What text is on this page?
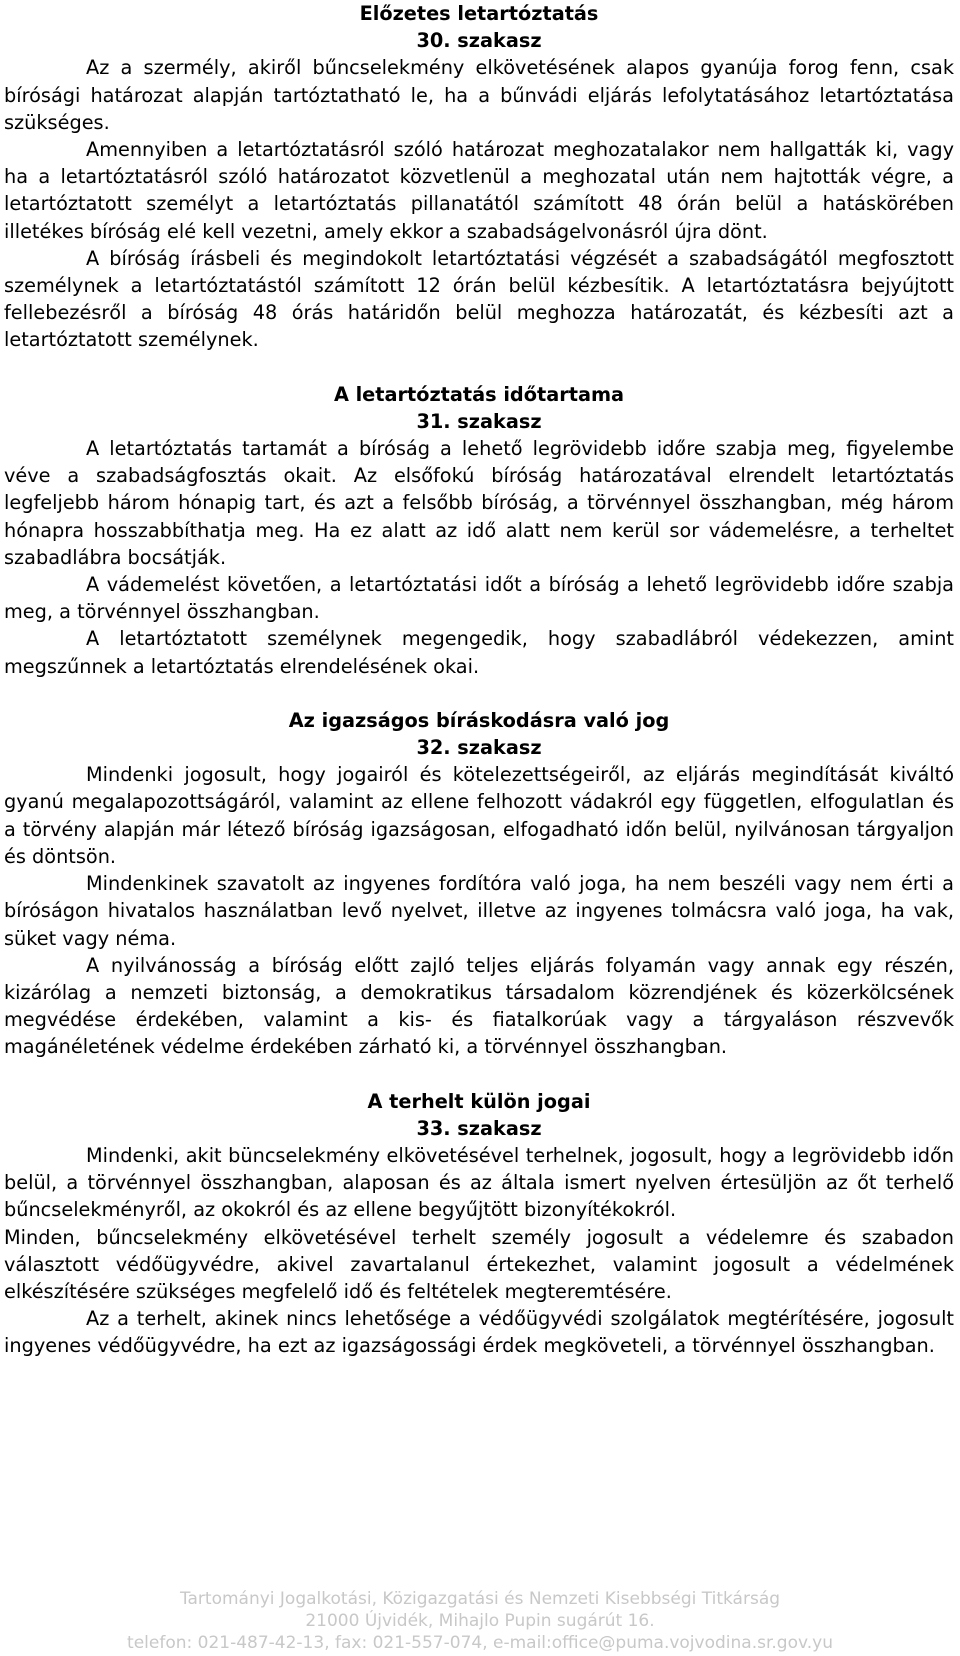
Előzetes letartóztatás
30. szakasz

Az a szermély, akiről bűncselekmény elkövetésének alapos gyanúja forog fenn, csak bírósági határozat alapján tartóztatható le, ha a bűnvádi eljárás lefolytatásához letartóztatása szükséges.

Amennyiben a letartóztatásról szóló határozat meghozatalakor nem hallgatták ki, vagy ha a letartóztatásról szóló határozatot közvetlenül a meghozatal után nem hajtották végre, a letartóztatott személyt a letartóztatás pillanatától számított 48 órán belül a hatáskörében illetékes bíróság elé kell vezetni, amely ekkor a szabadságelvonásról újra dönt.

A bíróság írásbeli és megindokolt letartóztatási végzését a szabadságától megfosztott személynek a letartóztatástól számított 12 órán belül kézbesítik. A letartóztatásra bejyújtott fellebezésről a bíróság 48 órás határidőn belül meghozza határozatát, és kézbesíti azt a letartóztatott személynek.

A letartóztatás időtartama
31. szakasz

A letartóztatás tartamát a bíróság a lehető legrövidebb időre szabja meg, figyelembe véve a szabadságfosztás okait. Az elsőfokú bíróság határozatával elrendelt letartóztatás legfeljebb három hónapig tart, és azt a felsőbb bíróság, a törvénnyel összhangban, még három hónapra hosszabbíthatja meg. Ha ez alatt az idő alatt nem kerül sor vádemelésre, a terheltet szabadlábra bocsátják.

A vádemelést követően, a letartóztatási időt a bíróság a lehető legrövidebb időre szabja meg, a törvénnyel összhangban.

A letartóztatott személynek megengedik, hogy szabadlábról védekezzen, amint megszűnnek a letartóztatás elrendelésének okai.

Az igazságos bíráskodásra való jog
32. szakasz

Mindenki jogosult, hogy jogairól és kötelezettségeiről, az eljárás megindítását kiváltó gyanú megalapozottságáról, valamint az ellene felhozott vádakról egy független, elfogulatlan és a törvény alapján már létező bíróság igazságosan, elfogadható időn belül, nyilvánosan tárgyaljon és döntsön.

Mindenkinek szavatolt az ingyenes fordítóra való joga, ha nem beszéli vagy nem érti a bíróságon hivatalos használatban levő nyelvet, illetve az ingyenes tolmácsra való joga, ha vak, süket vagy néma.

A nyilvánosság a bíróság előtt zajló teljes eljárás folyamán vagy annak egy részén, kizárólag a nemzeti biztonság, a demokratikus társadalom közrendjének és közerkölcsének megvédése érdekében, valamint a kis- és fiatalkorúak vagy a tárgyaláson részvevők magánéletének védelme érdekében zárható ki, a törvénnyel összhangban.

A terhelt külön jogai
33. szakasz

Mindenki, akit büncselekmény elkövetésével terhelnek, jogosult, hogy a legrövidebb időn belül, a törvénnyel összhangban, alaposan és az általa ismert nyelven értesüljön az őt terhelő bűncselekményről, az okokról és az ellene begyűjtött bizonyítékokról.

Minden, bűncselekmény elkövetésével terhelt személy jogosult a védelemre és szabadon választott védőügyvédre, akivel zavartalanul értekezhet, valamint jogosult a védelmének elkészítésére szükséges megfelelő idő és feltételek megteremtésére.

Az a terhelt, akinek nincs lehetősége a védőügyvédi szolgálatok megtérítésére, jogosult ingyenes védőügyvédre, ha ezt az igazságossági érdek megköveteli, a törvénnyel összhangban.

Tartományi Jogalkotási, Közigazgatási és Nemzeti Kisebbségi Titkárság
21000 Újvidék, Mihajlo Pupin sugárút 16.
telefon: 021-487-42-13, fax: 021-557-074, e-mail:office@puma.vojvodina.sr.gov.yu
